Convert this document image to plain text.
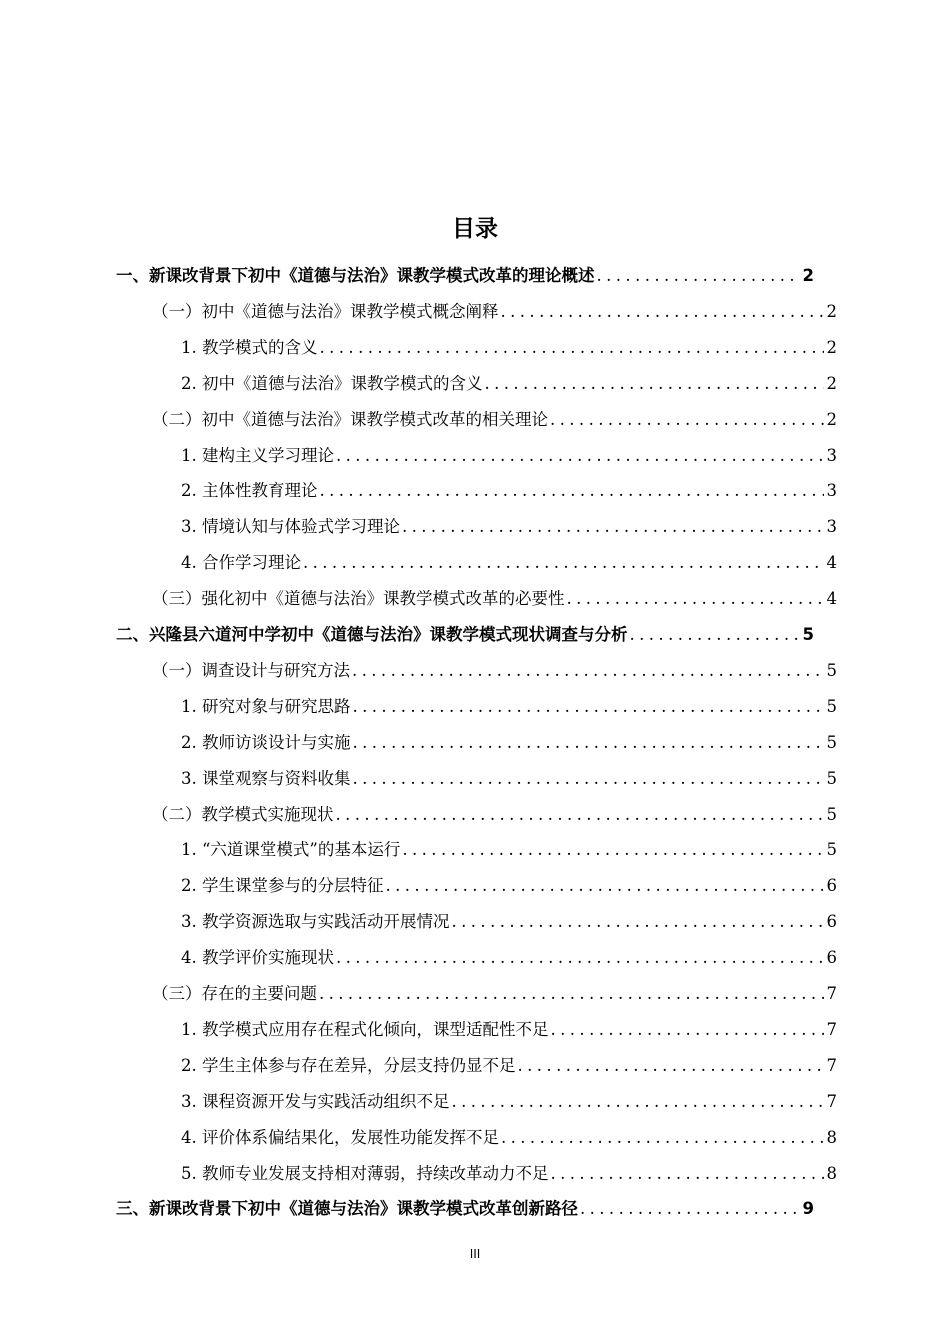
目录
一、新课改背景下初中《道德与法治》课教学模式改革的理论概述 .....	2
（一）初中《道德与法治》课教学模式概念阐释 .....	2
1. 教学模式的含义 .....	2
2. 初中《道德与法治》课教学模式的含义 .....	2
（二）初中《道德与法治》课教学模式改革的相关理论 .....	2
1. 建构主义学习理论 .....	3
2. 主体性教育理论 .....	3
3. 情境认知与体验式学习理论 .....	3
4. 合作学习理论 .....	4
（三）强化初中《道德与法治》课教学模式改革的必要性 .....	4
二、兴隆县六道河中学初中《道德与法治》课教学模式现状调查与分析 .....	5
（一）调查设计与研究方法 .....	5
1. 研究对象与研究思路 .....	5
2. 教师访谈设计与实施 .....	5
3. 课堂观察与资料收集 .....	5
（二）教学模式实施现状 .....	5
1. “六道课堂模式”的基本运行 .....	5
2. 学生课堂参与的分层特征 .....	6
3. 教学资源选取与实践活动开展情况 .....	6
4. 教学评价实施现状 .....	6
（三）存在的主要问题 .....	7
1. 教学模式应用存在程式化倾向，课型适配性不足 .....	7
2. 学生主体参与存在差异，分层支持仍显不足 .....	7
3. 课程资源开发与实践活动组织不足 .....	7
4. 评价体系偏结果化，发展性功能发挥不足 .....	8
5. 教师专业发展支持相对薄弱，持续改革动力不足 .....	8
三、新课改背景下初中《道德与法治》课教学模式改革创新路径 .....	9
III
